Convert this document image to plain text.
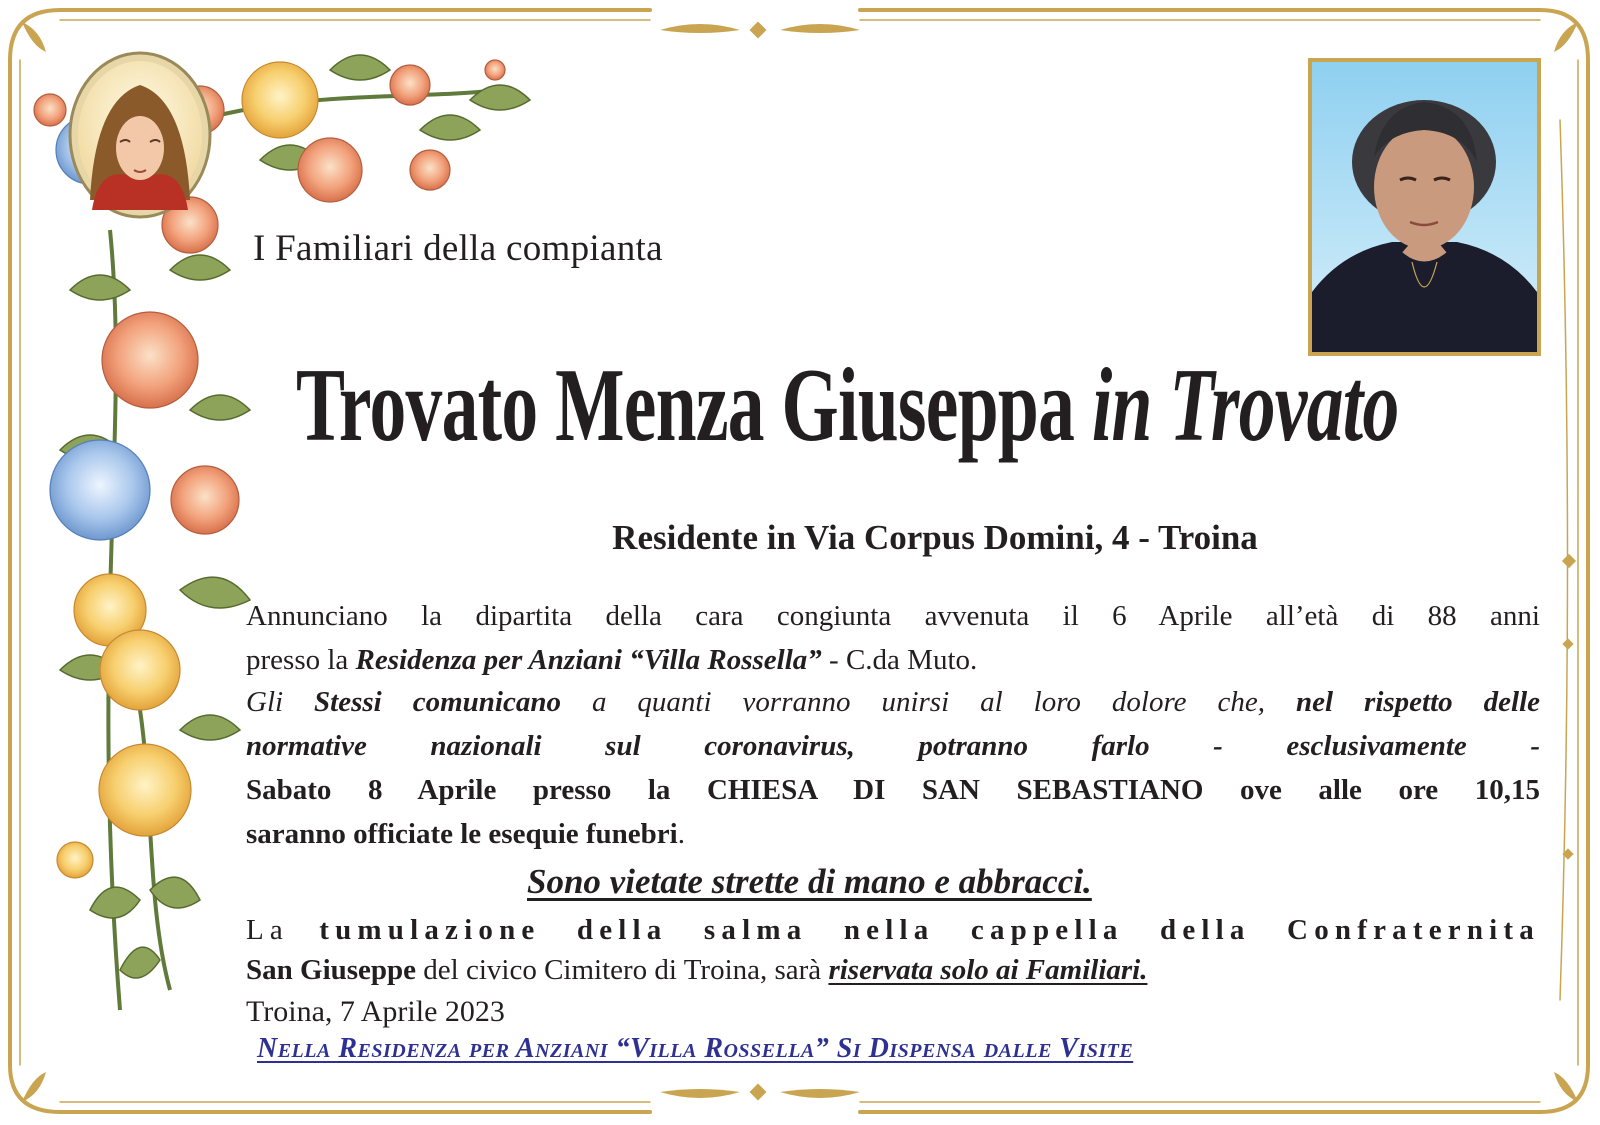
I Familiari della compianta
Trovato Menza Giuseppa in Trovato
Residente in Via Corpus Domini, 4 - Troina
Annunciano la dipartita della cara congiunta avvenuta il 6 Aprile all’età di 88 anni
presso la Residenza per Anziani “Villa Rossella” - C.da Muto.
Gli Stessi comunicano a quanti vorranno unirsi al loro dolore che, nel rispetto delle
normative nazionali sul coronavirus, potranno farlo - esclusivamente -
Sabato 8 Aprile presso la CHIESA DI SAN SEBASTIANO ove alle ore 10,15
saranno officiate le esequie funebri.
Sono vietate strette di mano e abbracci.
La tumulazione della salma nella cappella della Confraternita
San Giuseppe del civico Cimitero di Troina, sarà riservata solo ai Familiari.
Troina, 7 Aprile 2023
Nella Residenza per Anziani “Villa Rossella” Si Dispensa dalle Visite
